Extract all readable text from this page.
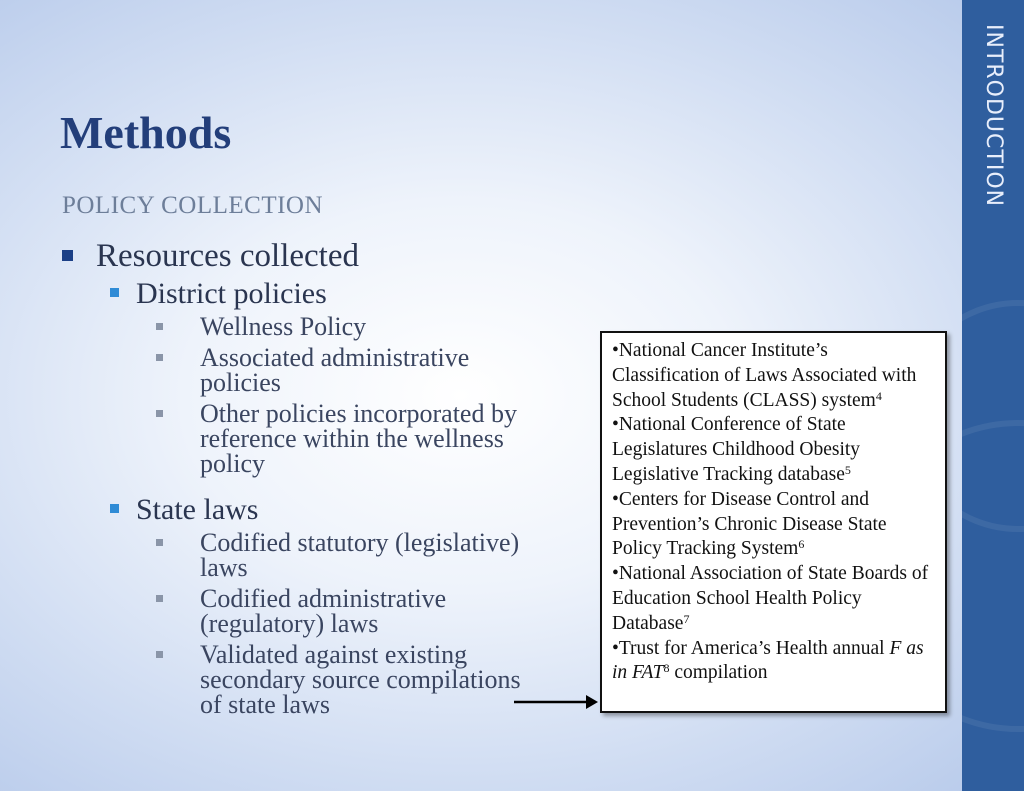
INTRODUCTION
Methods
POLICY COLLECTION
Resources collected
District policies
Wellness Policy
Associated administrative policies
Other policies incorporated by reference within the wellness policy
State laws
Codified statutory (legislative) laws
Codified administrative (regulatory) laws
Validated against existing secondary source compilations of state laws

•National Cancer Institute’s Classification of Laws Associated with School Students (CLASS) system$^4$

•National Conference of State Legislatures Childhood Obesity Legislative Tracking database$^5$

•Centers for Disease Control and Prevention’s Chronic Disease State Policy Tracking System$^6$

•National Association of State Boards of Education School Health Policy Database$^7$

•Trust for America’s Health annual F as in FAT$^8$ compilation
